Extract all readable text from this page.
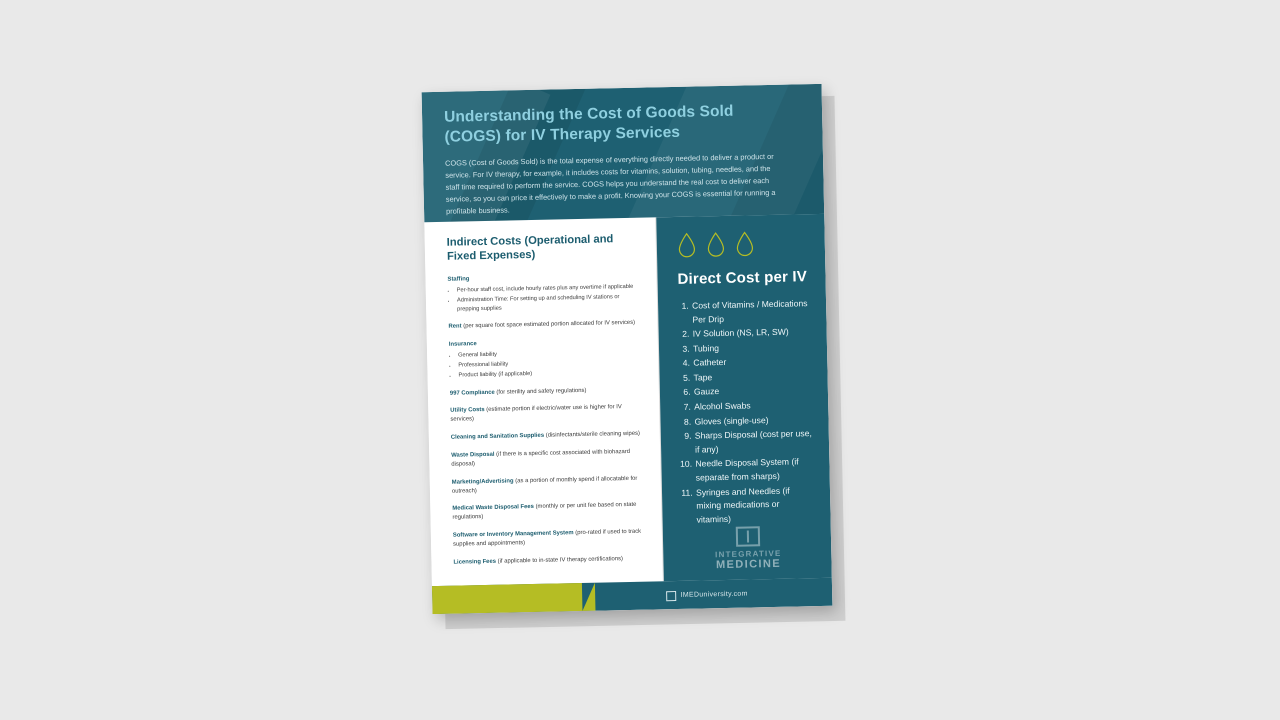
Understanding the Cost of Goods Sold (COGS) for IV Therapy Services

COGS (Cost of Goods Sold) is the total expense of everything directly needed to deliver a product or service. For IV therapy, for example, it includes costs for vitamins, solution, tubing, needles, and the staff time required to perform the service. COGS helps you understand the real cost to deliver each service, so you can price it effectively to make a profit. Knowing your COGS is essential for running a profitable business.

Indirect Costs (Operational and Fixed Expenses)
Staffing
• Per-hour staff cost, include hourly rates plus any overtime if applicable
• Administration Time: For setting up and scheduling IV stations or prepping supplies
Rent (per square foot space estimated portion allocated for IV services)
Insurance
• General liability
• Professional liability
• Product liability (if applicable)
997 Compliance (for sterility and safety regulations)
Utility Costs (estimate portion if electric/water use is higher for IV services)
Cleaning and Sanitation Supplies (disinfectants/sterile cleaning wipes)
Waste Disposal (if there is a specific cost associated with biohazard disposal)
Marketing/Advertising (as a portion of monthly spend if allocatable for outreach)
Medical Waste Disposal Fees (monthly or per unit fee based on state regulations)
Software or Inventory Management System (pro-rated if used to track supplies and appointments)
Licensing Fees (if applicable to in-state IV therapy certifications)
Direct Cost per IV
1. Cost of Vitamins / Medications Per Drip
2. IV Solution (NS, LR, SW)
3. Tubing
4. Catheter
5. Tape
6. Gauze
7. Alcohol Swabs
8. Gloves (single-use)
9. Sharps Disposal (cost per use, if any)
10. Needle Disposal System (if separate from sharps)
11. Syringes and Needles (if mixing medications or vitamins)
INTEGRATIVE
MEDICINE
IMEDuniversity.com
